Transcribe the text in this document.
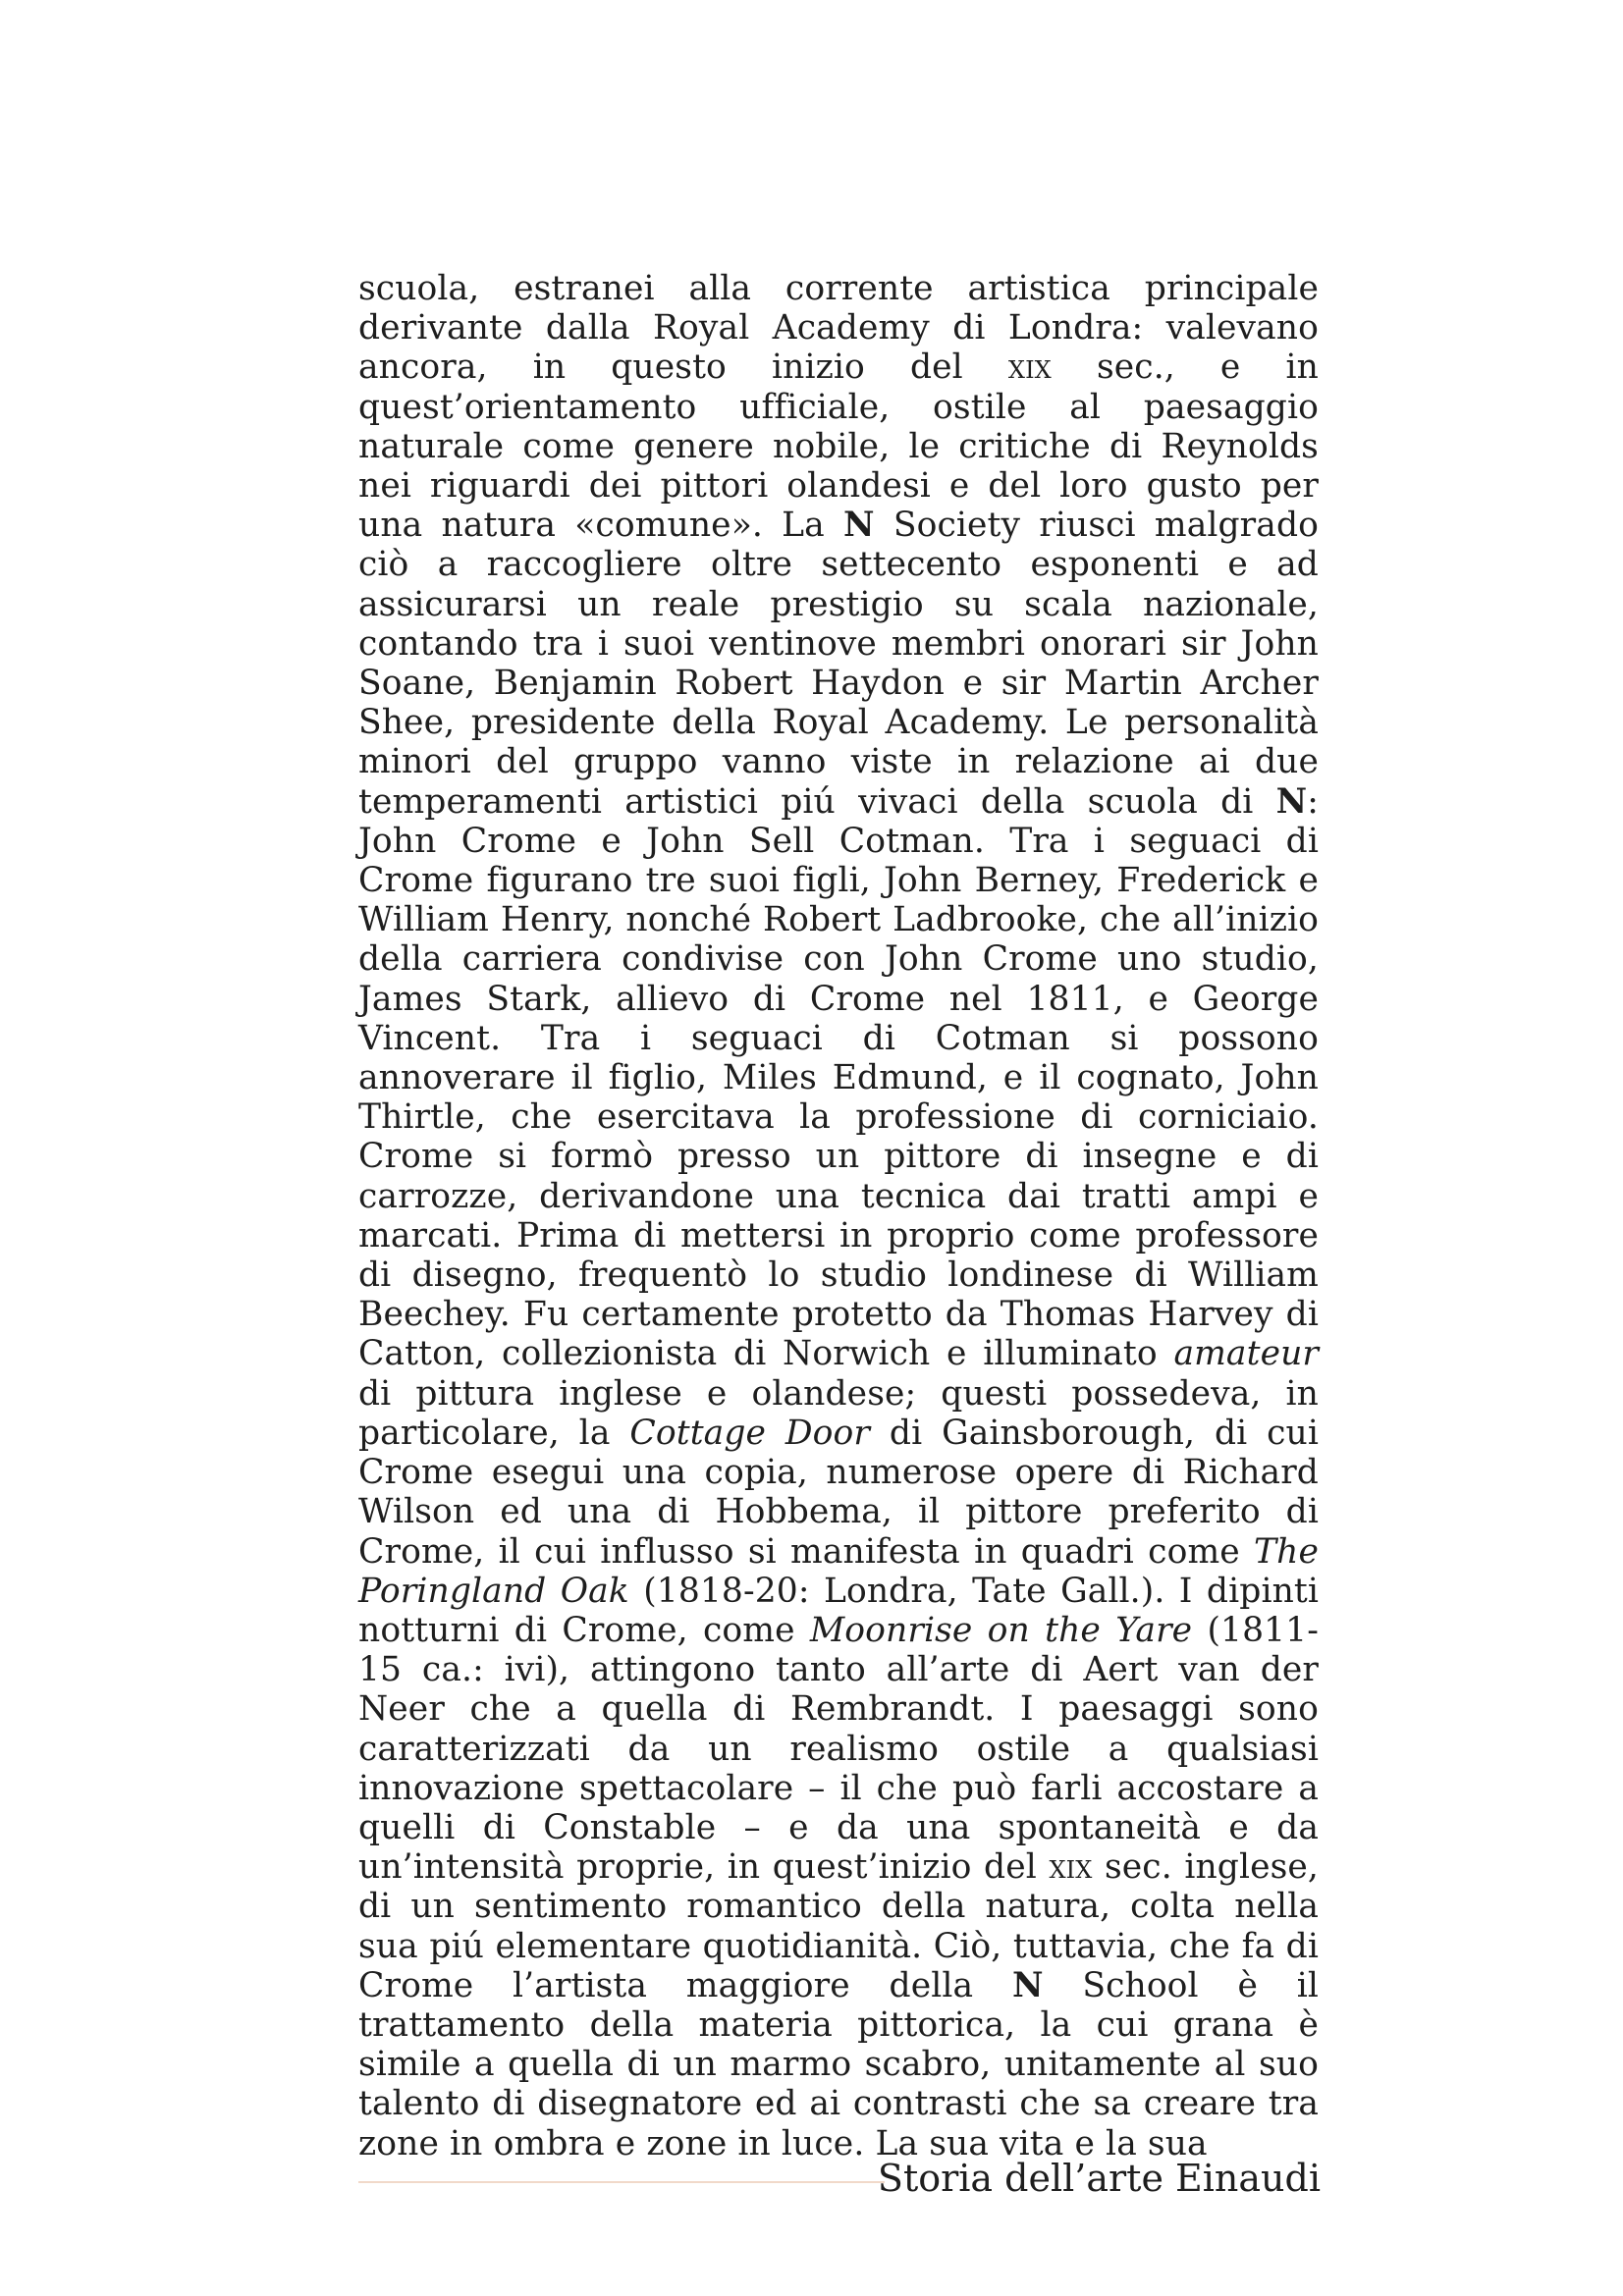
scuola, estranei alla corrente artistica principale derivante dalla Royal Academy di Londra: valevano ancora, in questo inizio del xix sec., e in quest’orientamento ufficiale, ostile al paesaggio naturale come genere nobile, le critiche di Reynolds nei riguardi dei pittori olandesi e del loro gusto per una natura «comune». La N Society riusci malgrado ciò a raccogliere oltre settecento esponenti e ad assicurarsi un reale prestigio su scala nazionale, contando tra i suoi ventinove membri onorari sir John Soane, Benjamin Robert Haydon e sir Martin Archer Shee, presidente della Royal Academy. Le personalità minori del gruppo vanno viste in relazione ai due temperamenti artistici piú vivaci della scuola di N: John Crome e John Sell Cotman. Tra i seguaci di Crome figurano tre suoi figli, John Berney, Frederick e William Henry, nonché Robert Ladbrooke, che all’inizio della carriera condivise con John Crome uno studio, James Stark, allievo di Crome nel 1811, e George Vincent. Tra i seguaci di Cotman si possono annoverare il figlio, Miles Edmund, e il cognato, John Thirtle, che esercitava la professione di corniciaio. Crome si formò presso un pittore di insegne e di carrozze, derivandone una tecnica dai tratti ampi e marcati. Prima di mettersi in proprio come professore di disegno, frequentò lo studio londinese di William Beechey. Fu certamente protetto da Thomas Harvey di Catton, collezionista di Norwich e illuminato amateur di pittura inglese e olandese; questi possedeva, in particolare, la Cottage Door di Gainsborough, di cui Crome esegui una copia, numerose opere di Richard Wilson ed una di Hobbema, il pittore preferito di Crome, il cui influsso si manifesta in quadri come The Poringland Oak (1818-20: Londra, Tate Gall.). I dipinti notturni di Crome, come Moonrise on the Yare (1811-15 ca.: ivi), attingono tanto all’arte di Aert van der Neer che a quella di Rembrandt. I paesaggi sono caratterizzati da un realismo ostile a qualsiasi innovazione spettacolare – il che può farli accostare a quelli di Constable – e da una spontaneità e da un’intensità proprie, in quest’inizio del xix sec. inglese, di un sentimento romantico della natura, colta nella sua piú elementare quotidianità. Ciò, tuttavia, che fa di Crome l’artista maggiore della N School è il trattamento della materia pittorica, la cui grana è simile a quella di un marmo scabro, unitamente al suo talento di disegnatore ed ai contrasti che sa creare tra zone in ombra e zone in luce. La sua vita e la sua

Storia dell’arte Einaudi
